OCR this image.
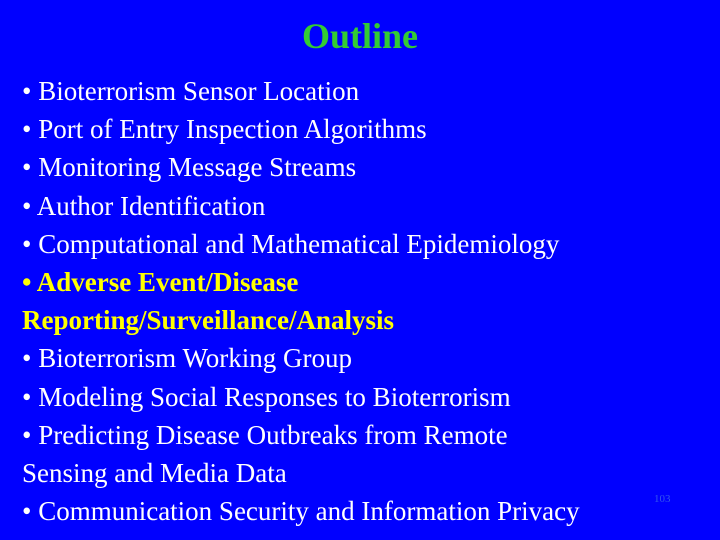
Outline
• Bioterrorism Sensor Location
• Port of Entry Inspection Algorithms
• Monitoring Message Streams
• Author Identification
• Computational and Mathematical Epidemiology
• Adverse Event/Disease
Reporting/Surveillance/Analysis
• Bioterrorism Working Group
• Modeling Social Responses to Bioterrorism
• Predicting Disease Outbreaks from Remote
Sensing and Media Data
• Communication Security and Information Privacy	103
